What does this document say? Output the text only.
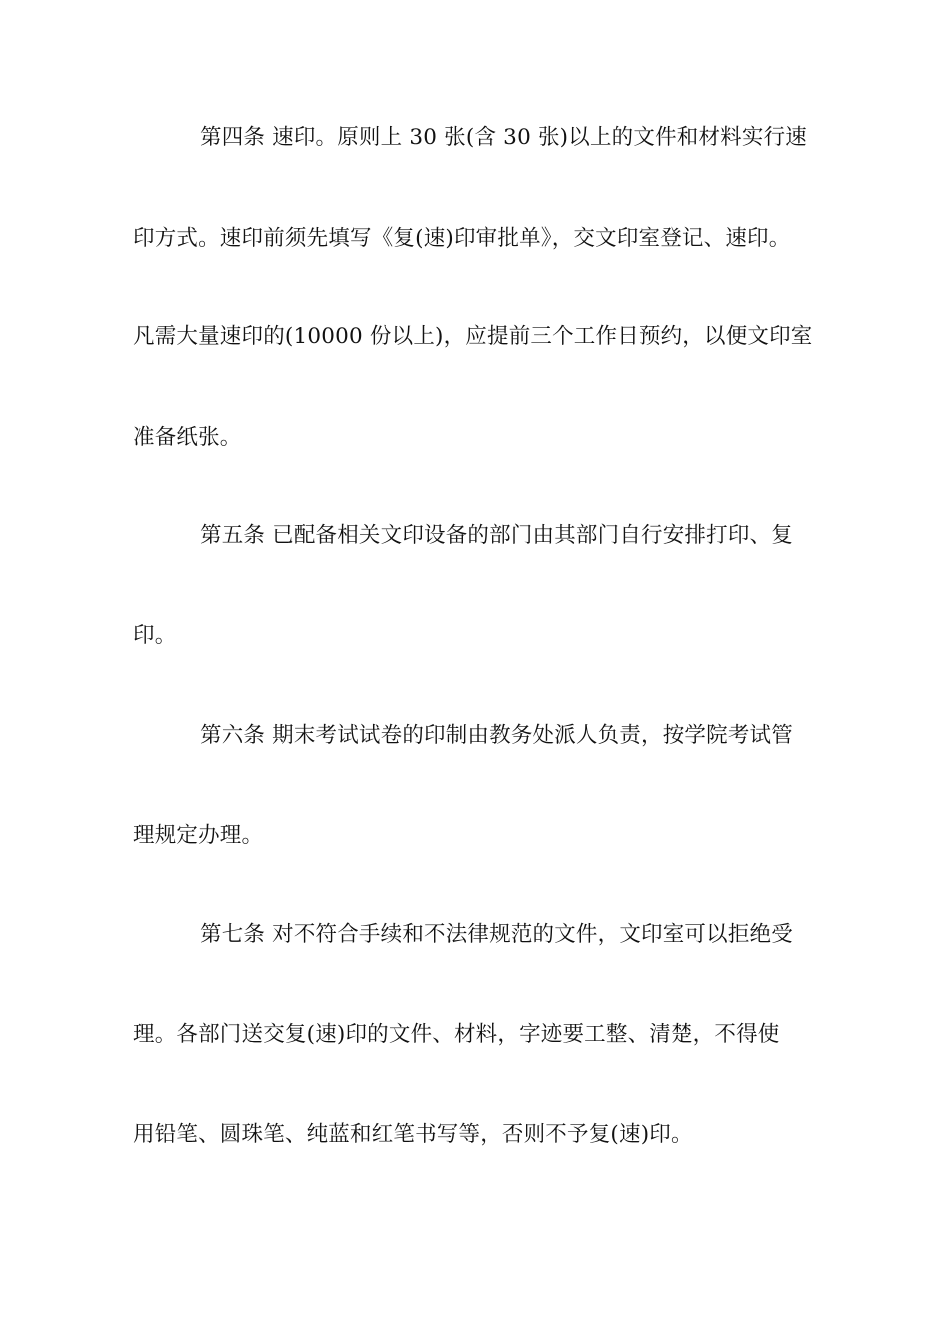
第四条 速印。原则上 30 张(含 30 张)以上的文件和材料实行速
印方式。速印前须先填写《复(速)印审批单》，交文印室登记、速印。
凡需大量速印的(10000 份以上)，应提前三个工作日预约，以便文印室
准备纸张。
第五条 已配备相关文印设备的部门由其部门自行安排打印、复
印。
第六条 期末考试试卷的印制由教务处派人负责，按学院考试管
理规定办理。
第七条 对不符合手续和不法律规范的文件，文印室可以拒绝受
理。各部门送交复(速)印的文件、材料，字迹要工整、清楚，不得使
用铅笔、圆珠笔、纯蓝和红笔书写等，否则不予复(速)印。
